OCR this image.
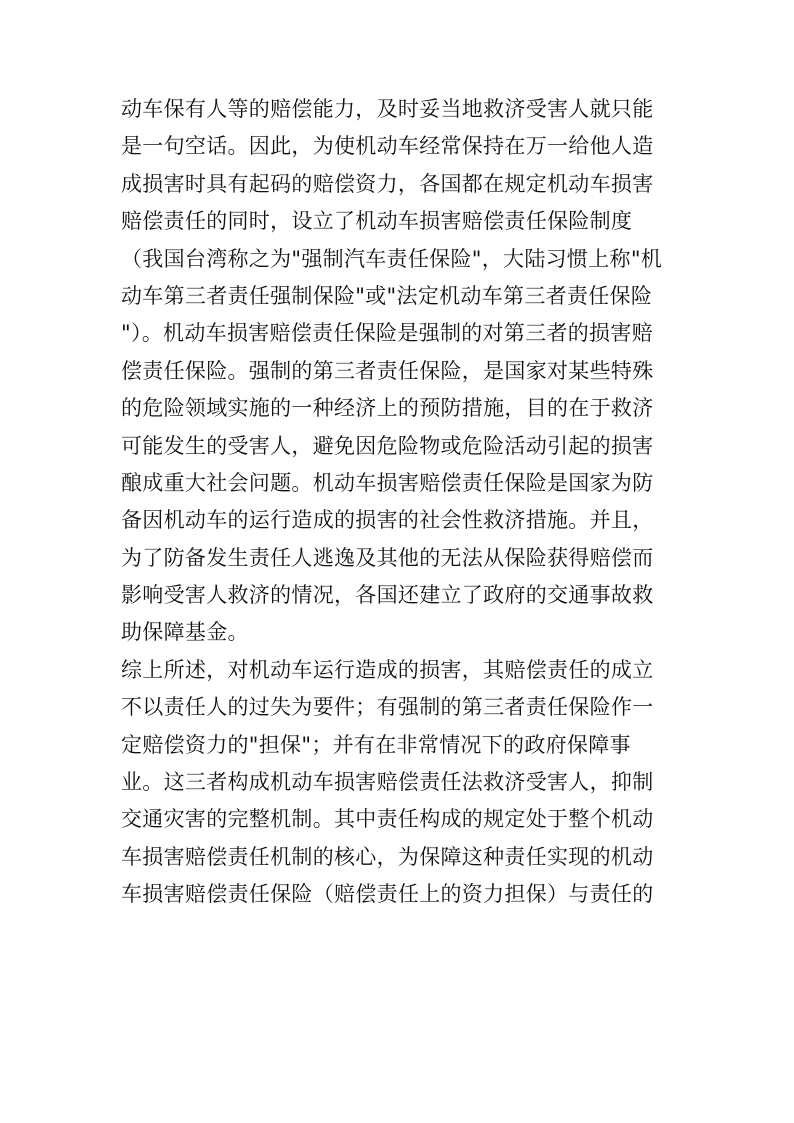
动车保有人等的赔偿能力，及时妥当地救济受害人就只能
是一句空话。因此，为使机动车经常保持在万一给他人造
成损害时具有起码的赔偿资力，各国都在规定机动车损害
赔偿责任的同时，设立了机动车损害赔偿责任保险制度
（我国台湾称之为"强制汽车责任保险"，大陆习惯上称"机
动车第三者责任强制保险"或"法定机动车第三者责任保险
"）。机动车损害赔偿责任保险是强制的对第三者的损害赔
偿责任保险。强制的第三者责任保险，是国家对某些特殊
的危险领域实施的一种经济上的预防措施，目的在于救济
可能发生的受害人，避免因危险物或危险活动引起的损害
酿成重大社会问题。机动车损害赔偿责任保险是国家为防
备因机动车的运行造成的损害的社会性救济措施。并且，
为了防备发生责任人逃逸及其他的无法从保险获得赔偿而
影响受害人救济的情况，各国还建立了政府的交通事故救
助保障基金。
综上所述，对机动车运行造成的损害，其赔偿责任的成立
不以责任人的过失为要件；有强制的第三者责任保险作一
定赔偿资力的"担保"；并有在非常情况下的政府保障事
业。这三者构成机动车损害赔偿责任法救济受害人，抑制
交通灾害的完整机制。其中责任构成的规定处于整个机动
车损害赔偿责任机制的核心，为保障这种责任实现的机动
车损害赔偿责任保险（赔偿责任上的资力担保）与责任的
